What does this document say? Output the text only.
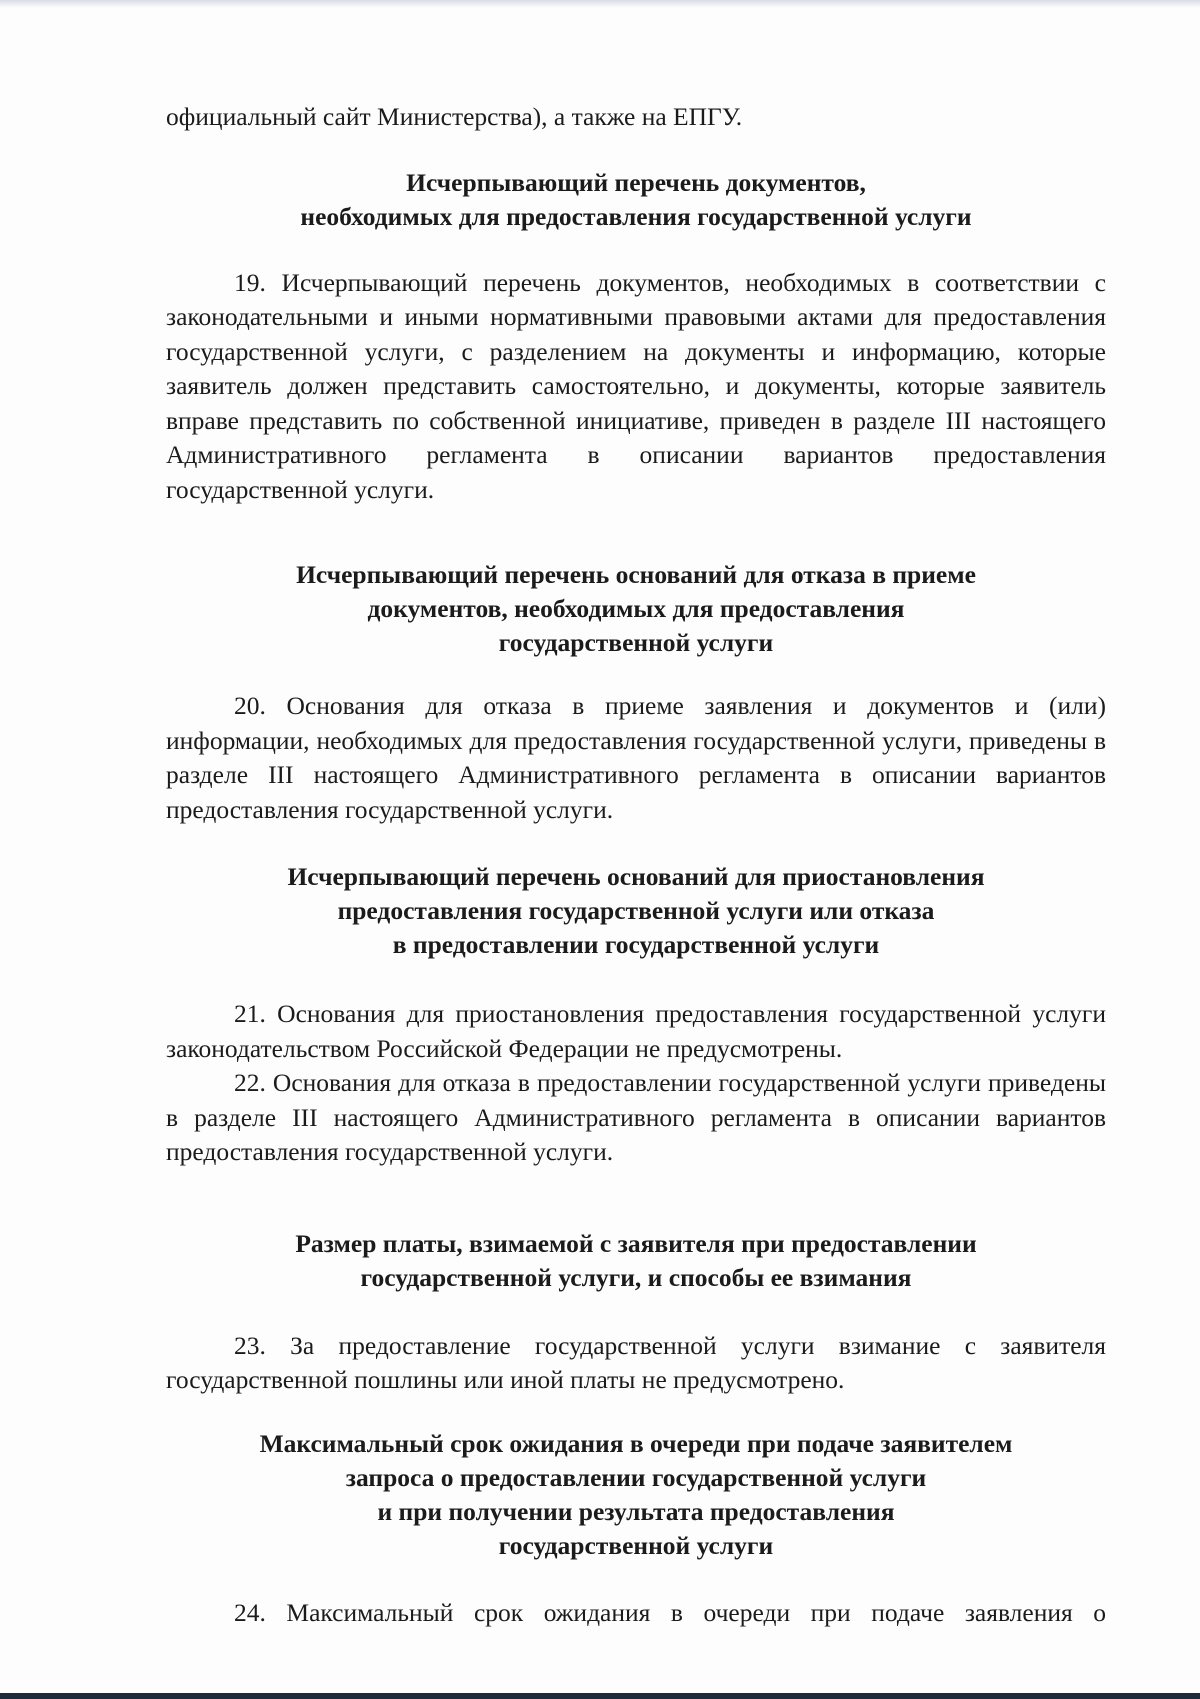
официальный сайт Министерства), а также на ЕПГУ.

Исчерпывающий перечень документов,
необходимых для предоставления государственной услуги

19. Исчерпывающий перечень документов, необходимых в соответствии с законодательными и иными нормативными правовыми актами для предоставления государственной услуги, с разделением на документы и информацию, которые заявитель должен представить самостоятельно, и документы, которые заявитель вправе представить по собственной инициативе, приведен в разделе III настоящего Административного регламента в описании вариантов предоставления государственной услуги.

Исчерпывающий перечень оснований для отказа в приеме
документов, необходимых для предоставления
государственной услуги

20. Основания для отказа в приеме заявления и документов и (или) информации, необходимых для предоставления государственной услуги, приведены в разделе III настоящего Административного регламента в описании вариантов предоставления государственной услуги.

Исчерпывающий перечень оснований для приостановления
предоставления государственной услуги или отказа
в предоставлении государственной услуги

21. Основания для приостановления предоставления государственной услуги законодательством Российской Федерации не предусмотрены.

22. Основания для отказа в предоставлении государственной услуги приведены в разделе III настоящего Административного регламента в описании вариантов предоставления государственной услуги.

Размер платы, взимаемой с заявителя при предоставлении
государственной услуги, и способы ее взимания

23. За предоставление государственной услуги взимание с заявителя государственной пошлины или иной платы не предусмотрено.

Максимальный срок ожидания в очереди при подаче заявителем
запроса о предоставлении государственной услуги
и при получении результата предоставления
государственной услуги

24. Максимальный срок ожидания в очереди при подаче заявления о
